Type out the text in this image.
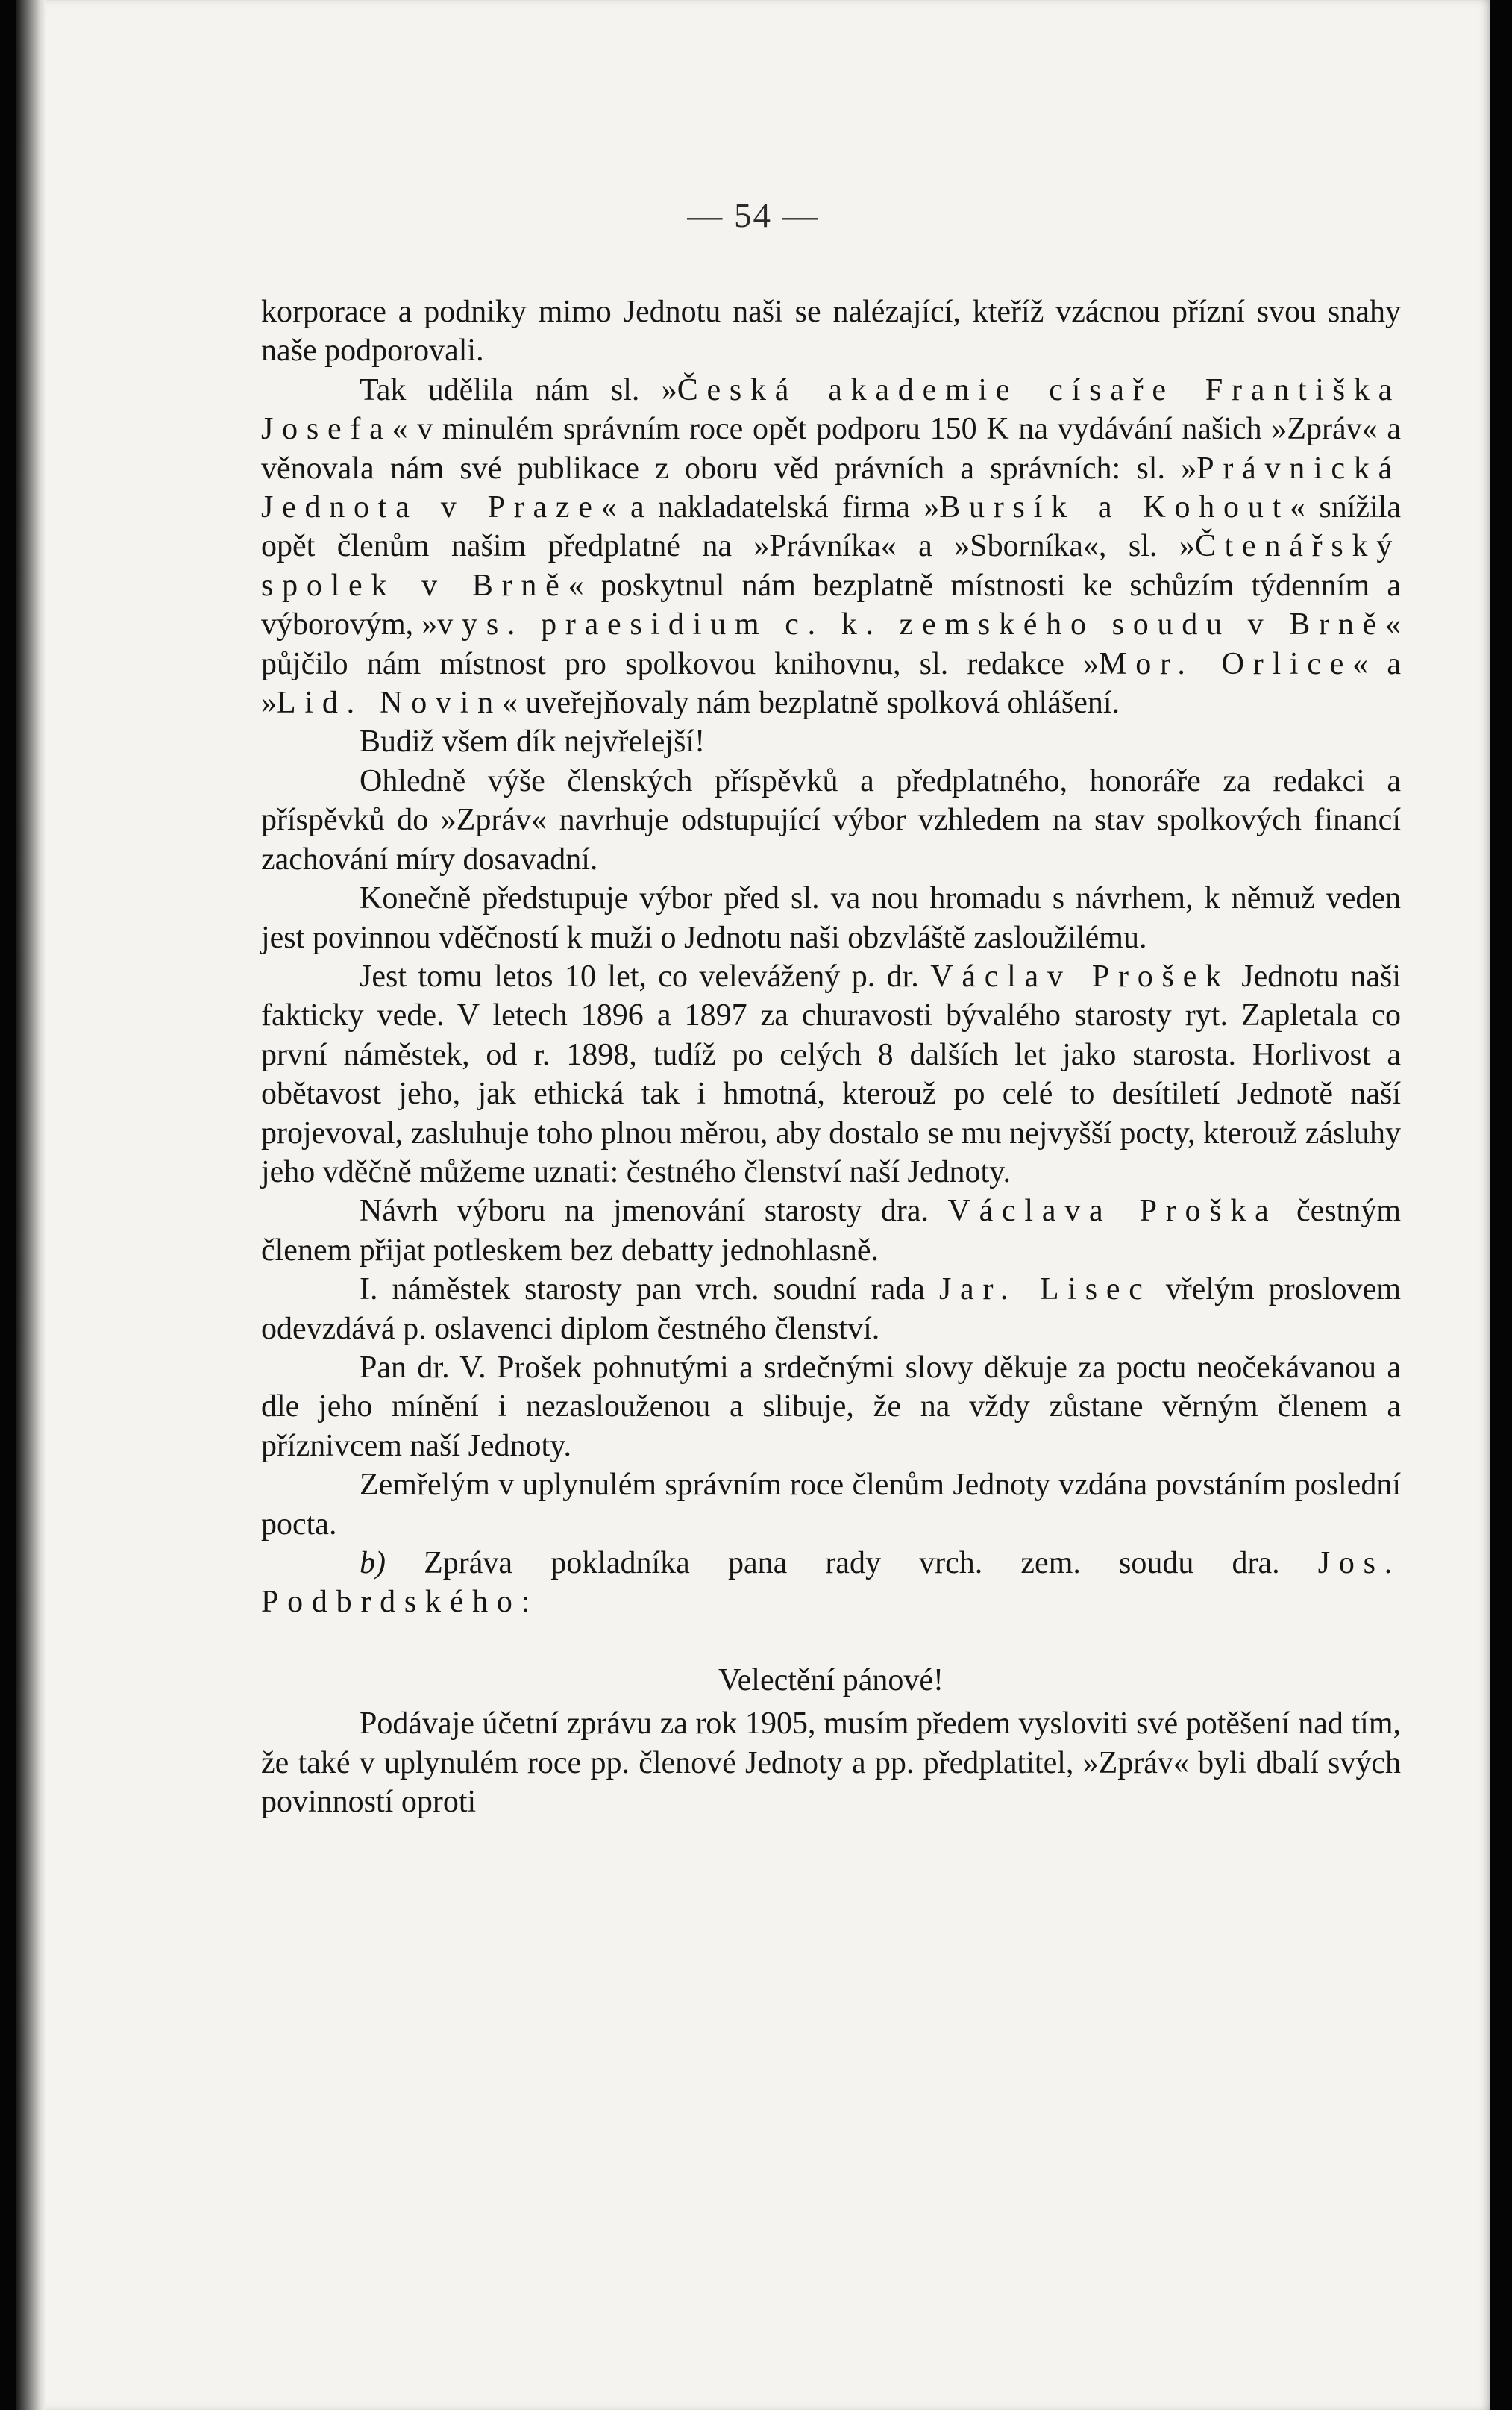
— 54 —

korporace a podniky mimo Jednotu naši se nalézající, kteříž vzácnou přízní svou snahy naše podporovali.

Tak udělila nám sl. »Česká akademie císaře Františka Josefa« v minulém správním roce opět podporu 150 K na vydávání našich »Zpráv« a věnovala nám své publikace z oboru věd právních a správních: sl. »Právnická Jednota v Praze« a nakladatelská firma »Bursík a Kohout« snížila opět členům našim předplatné na »Právníka« a »Sborníka«, sl. »Čtenářský spolek v Brně« poskytnul nám bezplatně místnosti ke schůzím týdenním a výborovým, »vys. praesidium c. k. zemského soudu v Brně« půjčilo nám místnost pro spolkovou knihovnu, sl. redakce »Mor. Orlice« a »Lid. Novin« uveřejňovaly nám bezplatně spolková ohlášení.

Budiž všem dík nejvřelejší!

Ohledně výše členských příspěvků a předplatného, honoráře za redakci a příspěvků do »Zpráv« navrhuje odstupující výbor vzhledem na stav spolkových financí zachování míry dosavadní.

Konečně předstupuje výbor před sl. va nou hromadu s návrhem, k němuž veden jest povinnou vděčností k muži o Jednotu naši obzvláště zasloužilému.

Jest tomu letos 10 let, co velevážený p. dr. Václav Prošek Jednotu naši fakticky vede. V letech 1896 a 1897 za churavosti bývalého starosty ryt. Zapletala co první náměstek, od r. 1898, tudíž po celých 8 dalších let jako starosta. Horlivost a obětavost jeho, jak ethická tak i hmotná, kterouž po celé to desítiletí Jednotě naší projevoval, zasluhuje toho plnou měrou, aby dostalo se mu nejvyšší pocty, kterouž zásluhy jeho vděčně můžeme uznati: čestného členství naší Jednoty.

Návrh výboru na jmenování starosty dra. Václava Proška čestným členem přijat potleskem bez debatty jednohlasně.

I. náměstek starosty pan vrch. soudní rada Jar. Lisec vřelým proslovem odevzdává p. oslavenci diplom čestného členství.

Pan dr. V. Prošek pohnutými a srdečnými slovy děkuje za poctu neočekávanou a dle jeho mínění i nezaslouženou a slibuje, že na vždy zůstane věrným členem a příznivcem naší Jednoty.

Zemřelým v uplynulém správním roce členům Jednoty vzdána povstáním poslední pocta.

b) Zpráva pokladníka pana rady vrch. zem. soudu dra. Jos. Podbrdského:

Velectění pánové!

Podávaje účetní zprávu za rok 1905, musím předem vysloviti své potěšení nad tím, že také v uplynulém roce pp. členové Jednoty a pp. předplatitel, »Zpráv« byli dbalí svých povinností oproti
